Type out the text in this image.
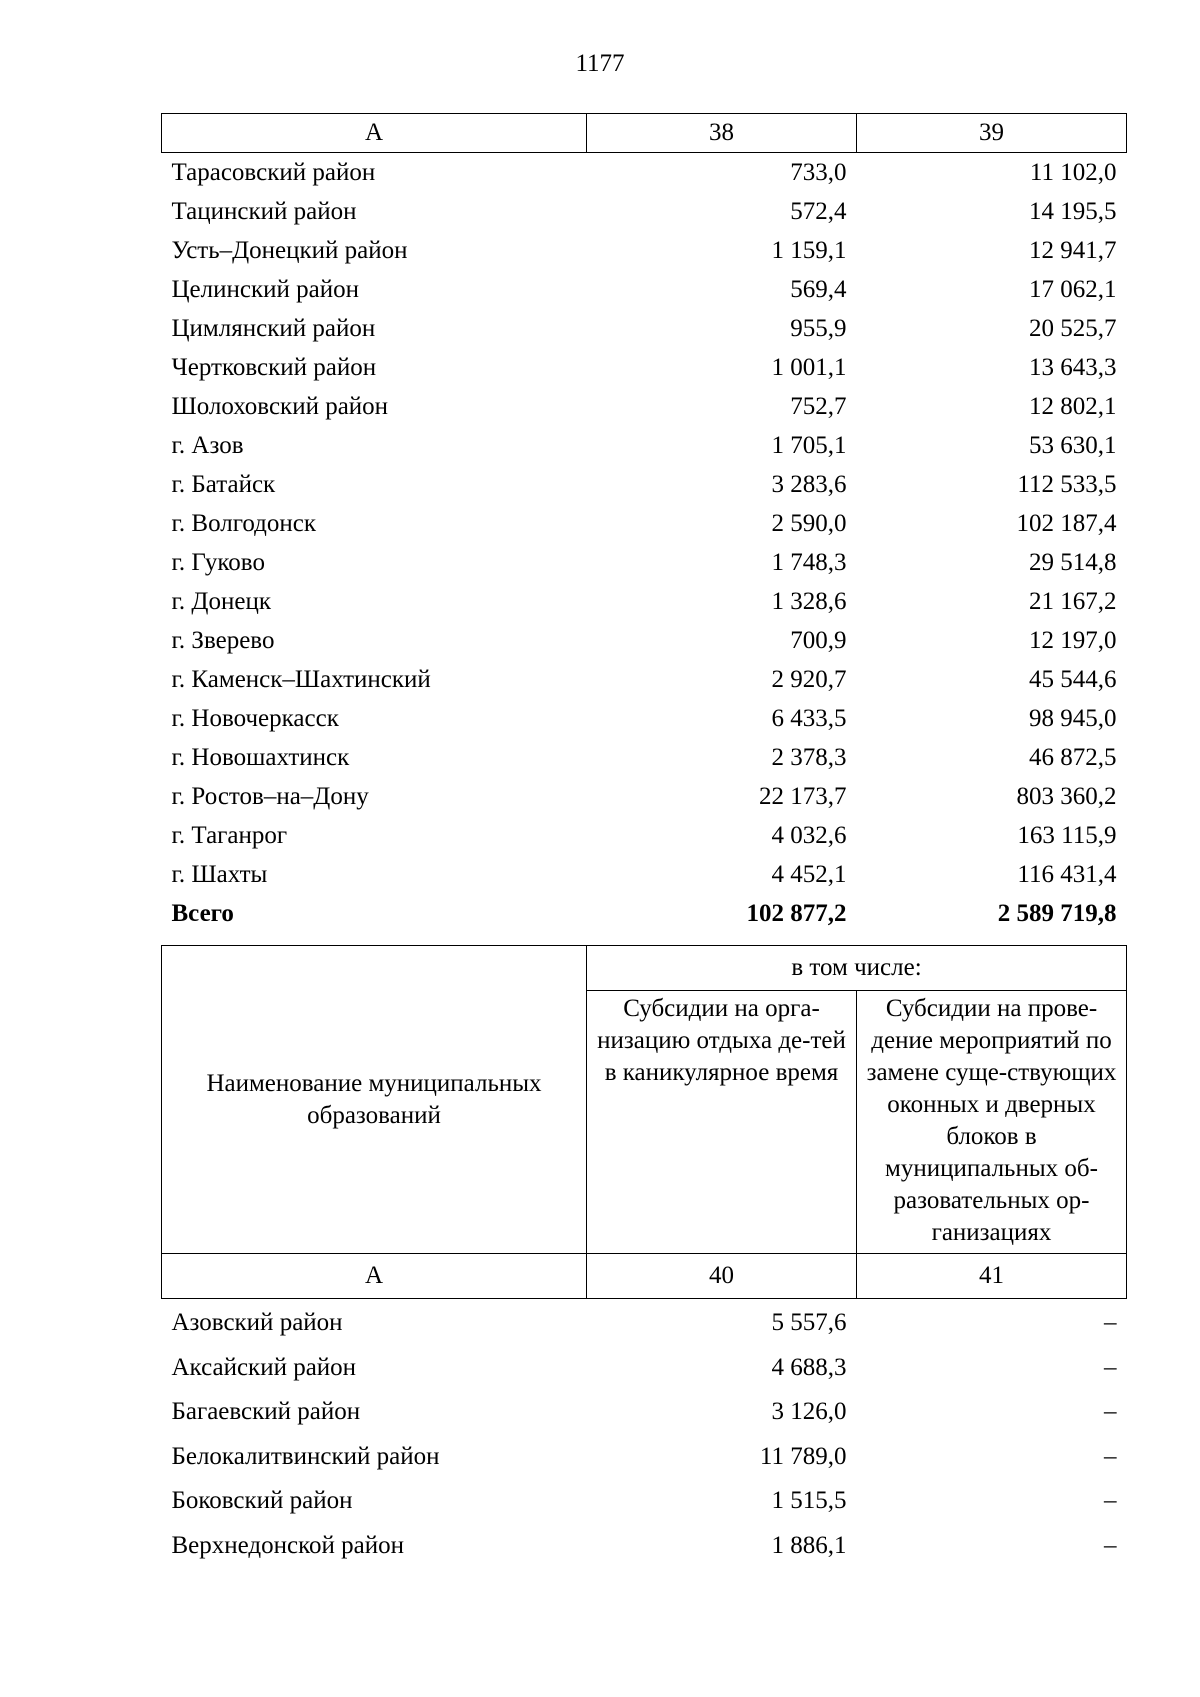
1177
А	38	39
Тарасовский район	733,0	11 102,0
Тацинский район	572,4	14 195,5
Усть–Донецкий район	1 159,1	12 941,7
Целинский район	569,4	17 062,1
Цимлянский район	955,9	20 525,7
Чертковский район	1 001,1	13 643,3
Шолоховский район	752,7	12 802,1
г. Азов	1 705,1	53 630,1
г. Батайск	3 283,6	112 533,5
г. Волгодонск	2 590,0	102 187,4
г. Гуково	1 748,3	29 514,8
г. Донецк	1 328,6	21 167,2
г. Зверево	700,9	12 197,0
г. Каменск–Шахтинский	2 920,7	45 544,6
г. Новочеркасск	6 433,5	98 945,0
г. Новошахтинск	2 378,3	46 872,5
г. Ростов–на–Дону	22 173,7	803 360,2
г. Таганрог	4 032,6	163 115,9
г. Шахты	4 452,1	116 431,4
Всего	102 877,2	2 589 719,8
Наименование муниципальных образований	в том числе:	
	Субсидии на орга-низацию отдыха де-тей в каникулярное время	Субсидии на прове-дение мероприятий по замене суще-ствующих оконных и дверных блоков в муниципальных об-разовательных ор-ганизациях
А	40	41
Азовский район	5 557,6	–
Аксайский район	4 688,3	–
Багаевский район	3 126,0	–
Белокалитвинский район	11 789,0	–
Боковский район	1 515,5	–
Верхнедонской район	1 886,1	–
